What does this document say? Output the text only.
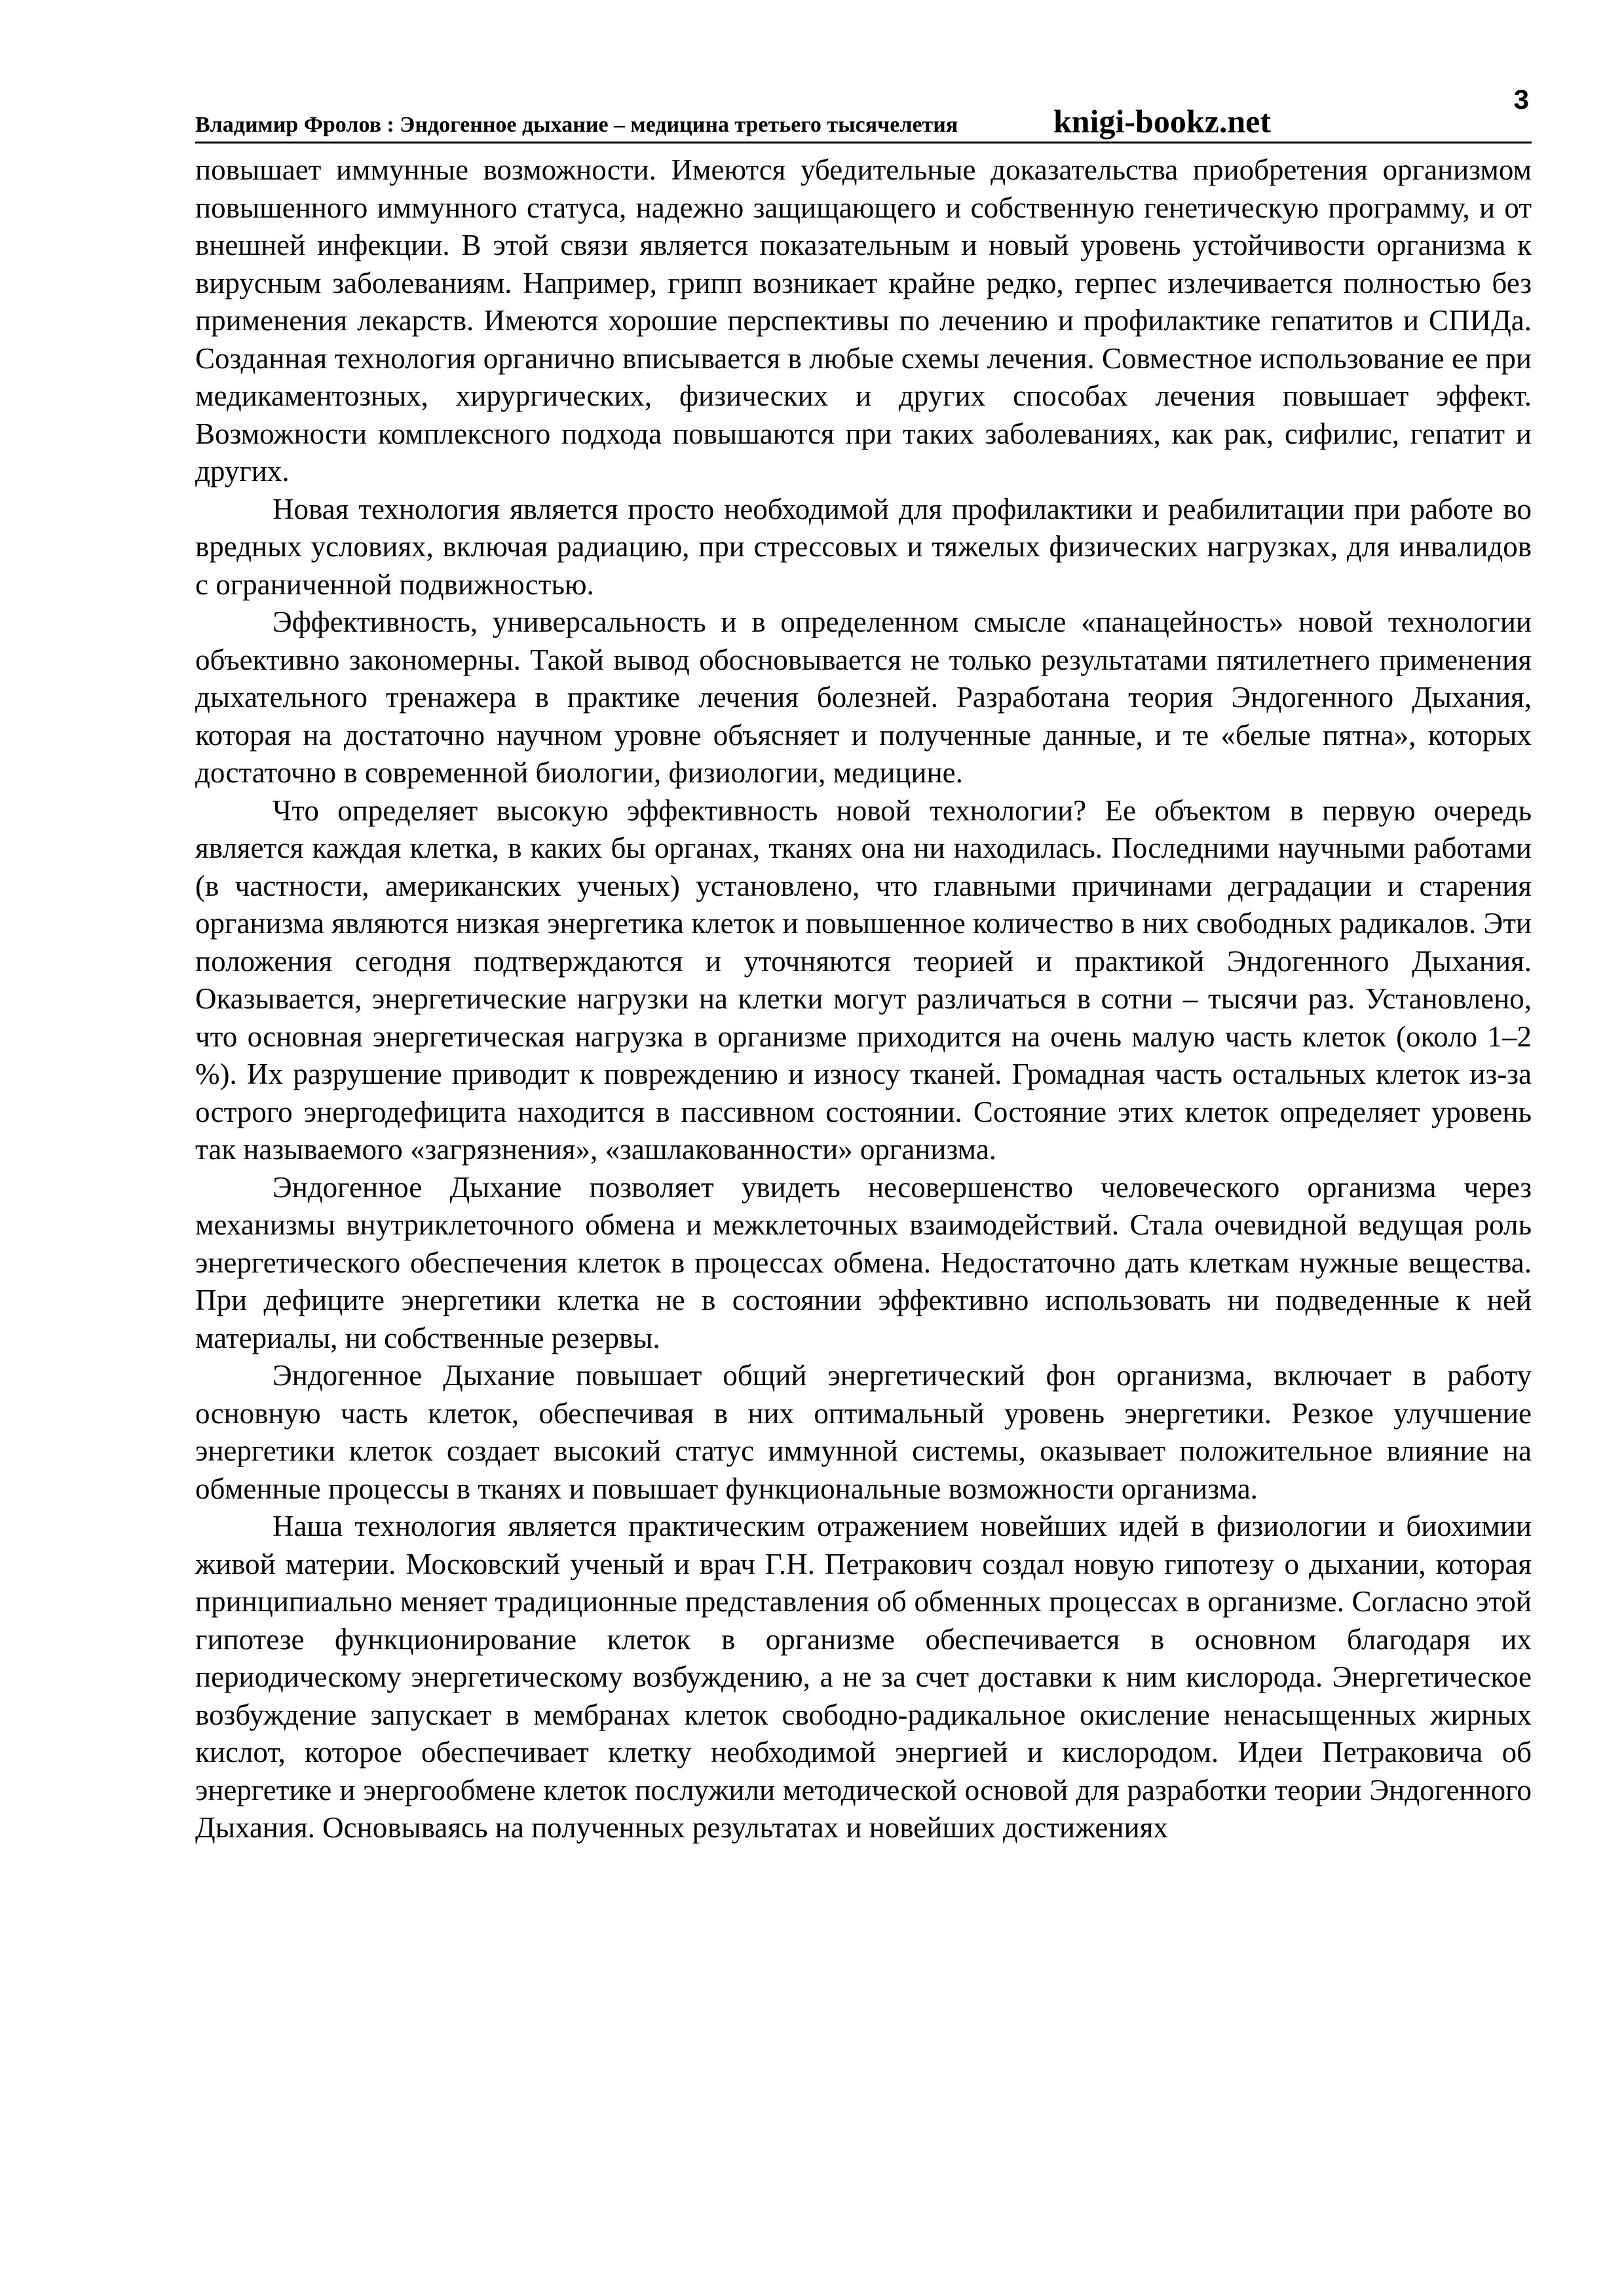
Владимир Фролов : Эндогенное дыхание – медицина третьего тысячелетия	knigi-bookz.net
3

повышает иммунные возможности. Имеются убедительные доказательства приобретения организмом повышенного иммунного статуса, надежно защищающего и собственную генетическую программу, и от внешней инфекции. В этой связи является показательным и новый уровень устойчивости организма к вирусным заболеваниям. Например, грипп возникает крайне редко, герпес излечивается полностью без применения лекарств. Имеются хорошие перспективы по лечению и профилактике гепатитов и СПИДа. Созданная технология органично вписывается в любые схемы лечения. Совместное использование ее при медикаментозных, хирургических, физических и других способах лечения повышает эффект. Возможности комплексного подхода повышаются при таких заболеваниях, как рак, сифилис, гепатит и других.

Новая технология является просто необходимой для профилактики и реабилитации при работе во вредных условиях, включая радиацию, при стрессовых и тяжелых физических нагрузках, для инвалидов с ограниченной подвижностью.

Эффективность, универсальность и в определенном смысле «панацейность» новой технологии объективно закономерны. Такой вывод обосновывается не только результатами пятилетнего применения дыхательного тренажера в практике лечения болезней. Разработана теория Эндогенного Дыхания, которая на достаточно научном уровне объясняет и полученные данные, и те «белые пятна», которых достаточно в современной биологии, физиологии, медицине.

Что определяет высокую эффективность новой технологии? Ее объектом в первую очередь является каждая клетка, в каких бы органах, тканях она ни находилась. Последними научными работами (в частности, американских ученых) установлено, что главными причинами деградации и старения организма являются низкая энергетика клеток и повышенное количество в них свободных радикалов. Эти положения сегодня подтверждаются и уточняются теорией и практикой Эндогенного Дыхания. Оказывается, энергетические нагрузки на клетки могут различаться в сотни – тысячи раз. Установлено, что основная энергетическая нагрузка в организме приходится на очень малую часть клеток (около 1–2 %). Их разрушение приводит к повреждению и износу тканей. Громадная часть остальных клеток из-за острого энергодефицита находится в пассивном состоянии. Состояние этих клеток определяет уровень так называемого «загрязнения», «зашлакованности» организма.

Эндогенное Дыхание позволяет увидеть несовершенство человеческого организма через механизмы внутриклеточного обмена и межклеточных взаимодействий. Стала очевидной ведущая роль энергетического обеспечения клеток в процессах обмена. Недостаточно дать клеткам нужные вещества. При дефиците энергетики клетка не в состоянии эффективно использовать ни подведенные к ней материалы, ни собственные резервы.

Эндогенное Дыхание повышает общий энергетический фон организма, включает в работу основную часть клеток, обеспечивая в них оптимальный уровень энергетики. Резкое улучшение энергетики клеток создает высокий статус иммунной системы, оказывает положительное влияние на обменные процессы в тканях и повышает функциональные возможности организма.

Наша технология является практическим отражением новейших идей в физиологии и биохимии живой материи. Московский ученый и врач Г.Н. Петракович создал новую гипотезу о дыхании, которая принципиально меняет традиционные представления об обменных процессах в организме. Согласно этой гипотезе функционирование клеток в организме обеспечивается в основном благодаря их периодическому энергетическому возбуждению, а не за счет доставки к ним кислорода. Энергетическое возбуждение запускает в мембранах клеток свободно-радикальное окисление ненасыщенных жирных кислот, которое обеспечивает клетку необходимой энергией и кислородом. Идеи Петраковича об энергетике и энергообмене клеток послужили методической основой для разработки теории Эндогенного Дыхания. Основываясь на полученных результатах и новейших достижениях
